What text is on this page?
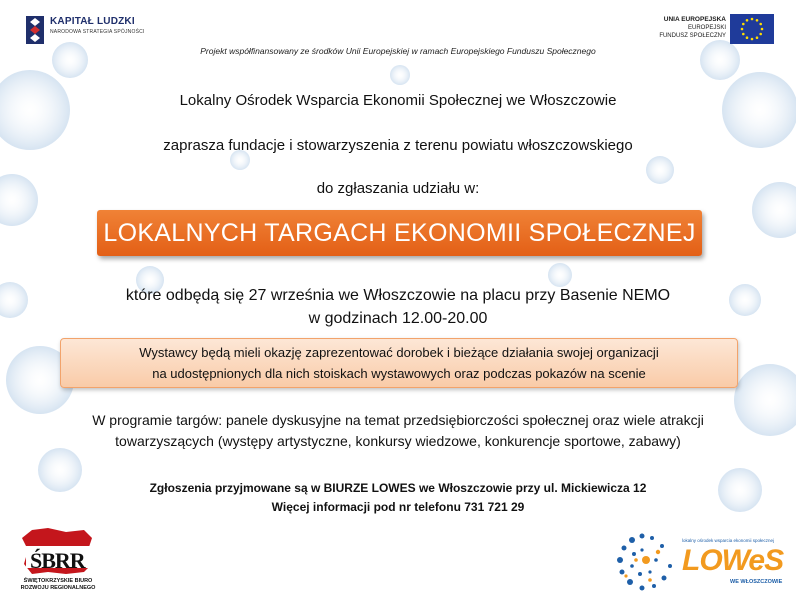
KAPITAŁ LUDZKI
NARODOWA STRATEGIA SPÓJNOŚCI
UNIA EUROPEJSKA
EUROPEJSKI
FUNDUSZ SPOŁECZNY
Projekt współfinansowany ze środków Unii Europejskiej w ramach Europejskiego Funduszu Społecznego
Lokalny Ośrodek Wsparcia Ekonomii Społecznej we Włoszczowie
zaprasza fundacje i stowarzyszenia z terenu powiatu włoszczowskiego
do zgłaszania udziału w:
LOKALNYCH TARGACH EKONOMII SPOŁECZNEJ
które odbędą się 27 września we Włoszczowie na placu przy Basenie NEMO
w godzinach 12.00-20.00
Wystawcy będą mieli okazję zaprezentować dorobek i bieżące działania swojej organizacji
na udostępnionych dla nich stoiskach wystawowych oraz podczas pokazów na scenie
W programie targów: panele dyskusyjne na temat przedsiębiorczości społecznej oraz wiele atrakcji
towarzyszących (występy artystyczne, konkursy wiedzowe, konkurencje sportowe, zabawy)
Zgłoszenia przyjmowane są w BIURZE LOWES we Włoszczowie przy ul. Mickiewicza 12
Więcej informacji pod nr telefonu 731 721 29
ŚBRR
ŚWIĘTOKRZYSKIE BIURO
ROZWOJU REGIONALNEGO
lokalny ośrodek wsparcia ekonomii społecznej
LOWeS
WE WŁOSZCZOWIE
